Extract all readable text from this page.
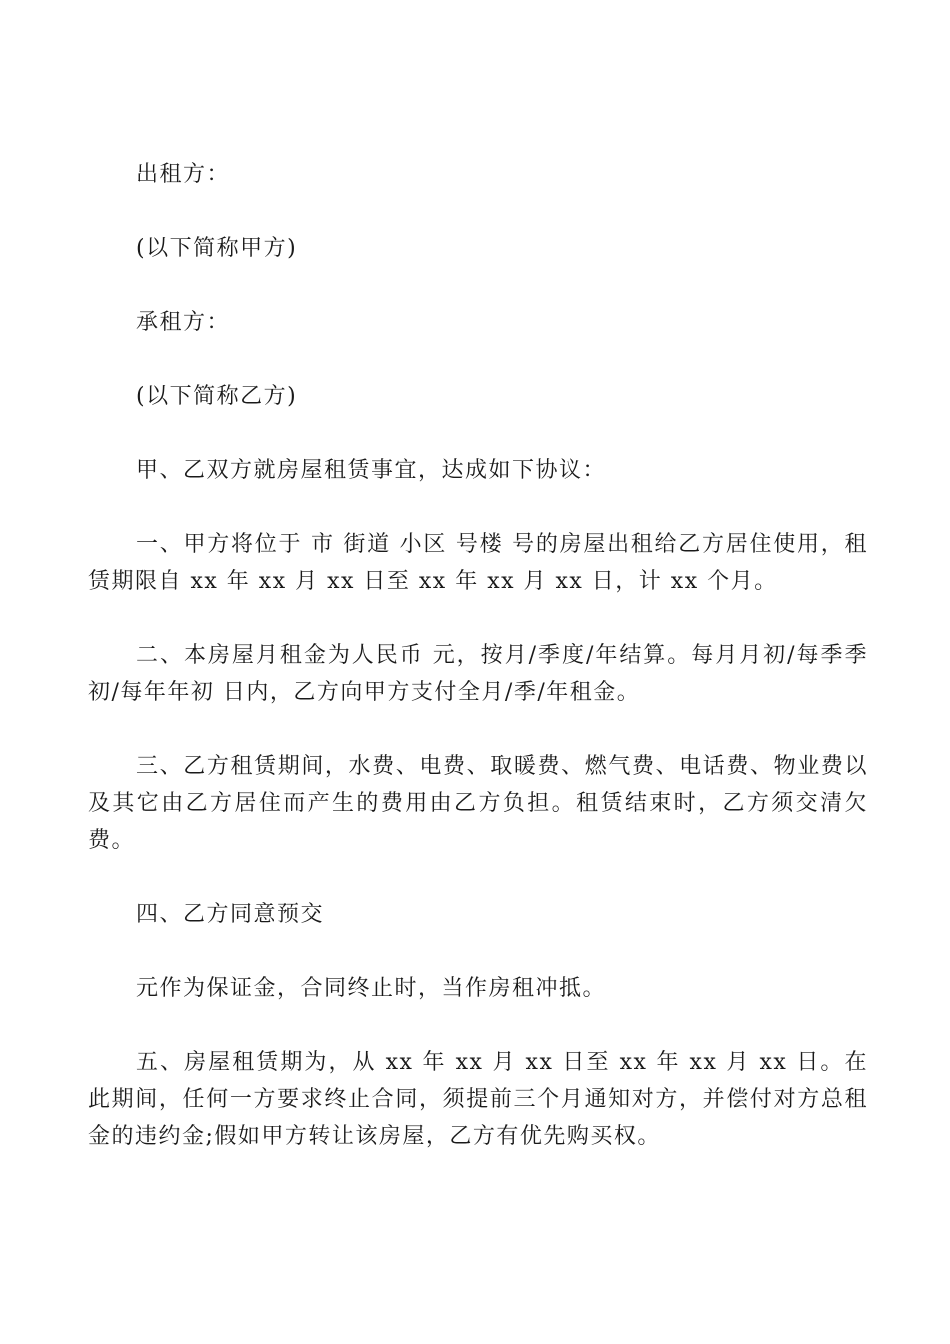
出租方：

(以下简称甲方)

承租方：

(以下简称乙方)

甲、乙双方就房屋租赁事宜，达成如下协议：

一、甲方将位于 市 街道 小区 号楼 号的房屋出租给乙方居住使用，租赁期限自 xx 年 xx 月 xx 日至 xx 年 xx 月 xx 日，计 xx 个月。

二、本房屋月租金为人民币 元，按月/季度/年结算。每月月初/每季季初/每年年初 日内，乙方向甲方支付全月/季/年租金。

三、乙方租赁期间，水费、电费、取暖费、燃气费、电话费、物业费以及其它由乙方居住而产生的费用由乙方负担。租赁结束时，乙方须交清欠费。

四、乙方同意预交

元作为保证金，合同终止时，当作房租冲抵。

五、房屋租赁期为，从 xx 年 xx 月 xx 日至 xx 年 xx 月 xx 日。在此期间，任何一方要求终止合同，须提前三个月通知对方，并偿付对方总租金的违约金;假如甲方转让该房屋，乙方有优先购买权。
